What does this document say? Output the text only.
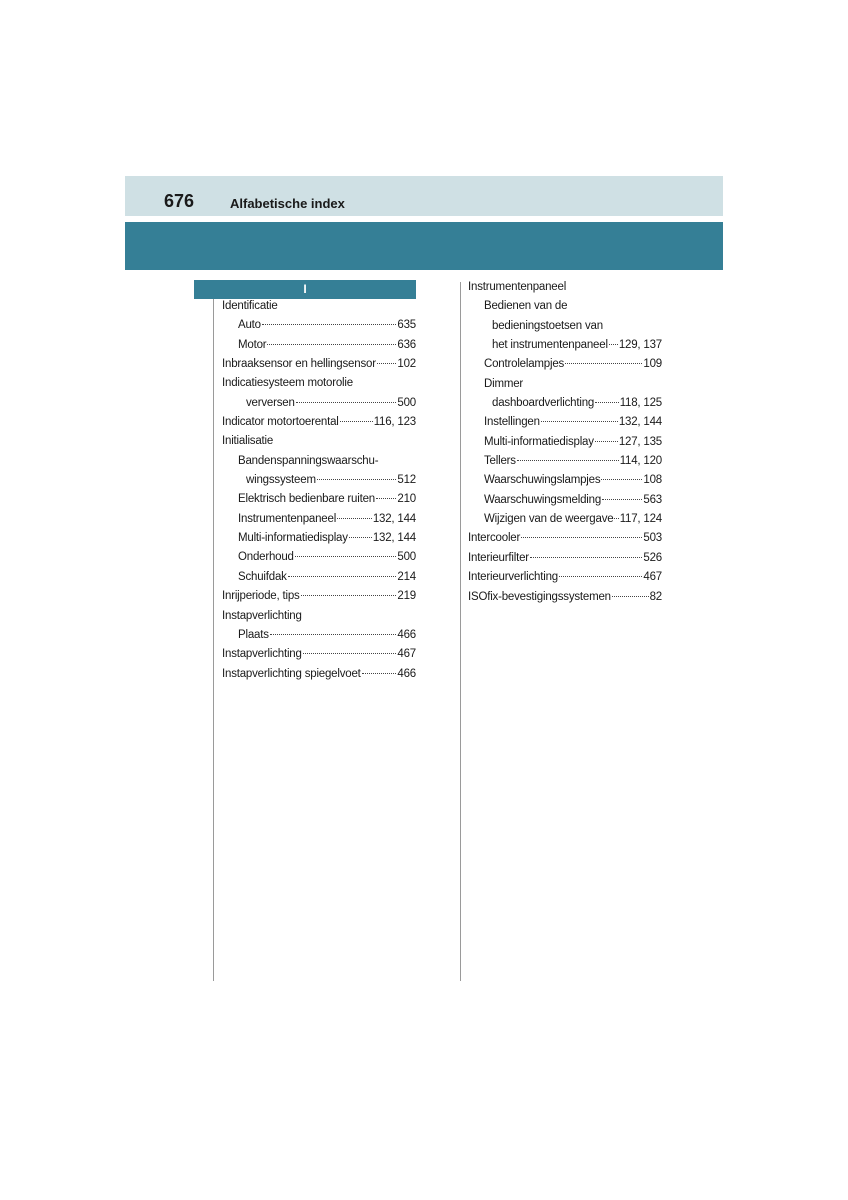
676	Alfabetische index
I
Identificatie
Auto	635
Motor	636
Inbraaksensor en hellingsensor 102
Indicatiesysteem motorolie
verversen	500
Indicator motortoerental	116, 123
Initialisatie
Bandenspanningswaarschu-
wingssysteem	512
Elektrisch bedienbare ruiten 210
Instrumentenpaneel	132, 144
Multi-informatiedisplay 132, 144
Onderhoud	500
Schuifdak	214
Inrijperiode, tips	219
Instapverlichting
Plaats	466
Instapverlichting	467
Instapverlichting spiegelvoet	466
Instrumentenpaneel
Bedienen van de
bedieningstoetsen van
het instrumentenpaneel 129, 137
Controlelampjes	109
Dimmer
dashboardverlichting 118, 125
Instellingen	132, 144
Multi-informatiedisplay 127, 135
Tellers	114, 120
Waarschuwingslampjes	108
Waarschuwingsmelding	563
Wijzigen van de weergave 117, 124
Intercooler	503
Interieurfilter	526
Interieurverlichting	467
ISOfix-bevestigingssystemen	82
